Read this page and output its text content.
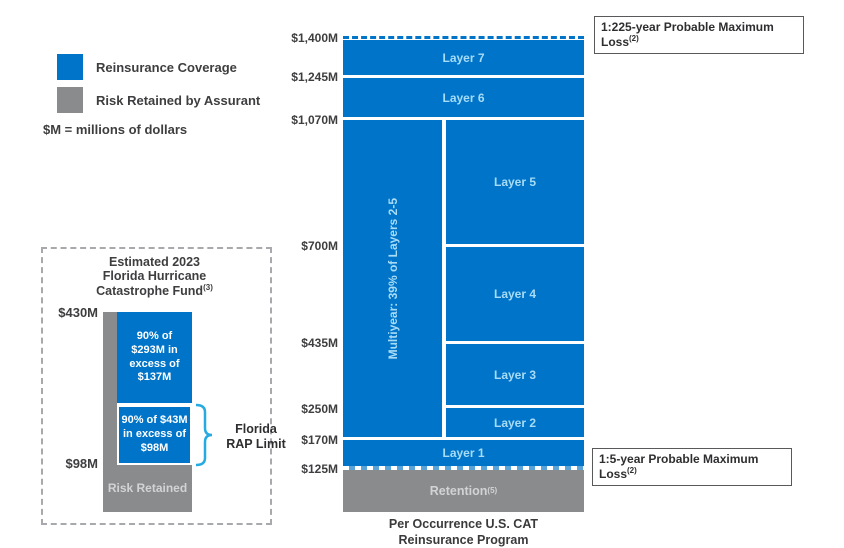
Reinsurance Coverage
Risk Retained by Assurant
$M = millions of dollars
Estimated 2023
Florida Hurricane
Catastrophe Fund$^{(3)}$
$430M
$98M
Risk Retained
90% of $293M in excess of $137M
90% of $43M in excess of $98M
Florida
RAP Limit
$1,400M
$1,245M
$1,070M
$700M
$435M
$250M
$170M
$125M
Layer 7
Layer 6
Multiyear: 39% of Layers 2-5
Layer 5
Layer 4
Layer 3
Layer 2
Layer 1
Retention (5)
Per Occurrence U.S. CAT
Reinsurance Program
1:225-year Probable Maximum Loss$^{(2)}$
1:5-year Probable Maximum Loss$^{(2)}$
